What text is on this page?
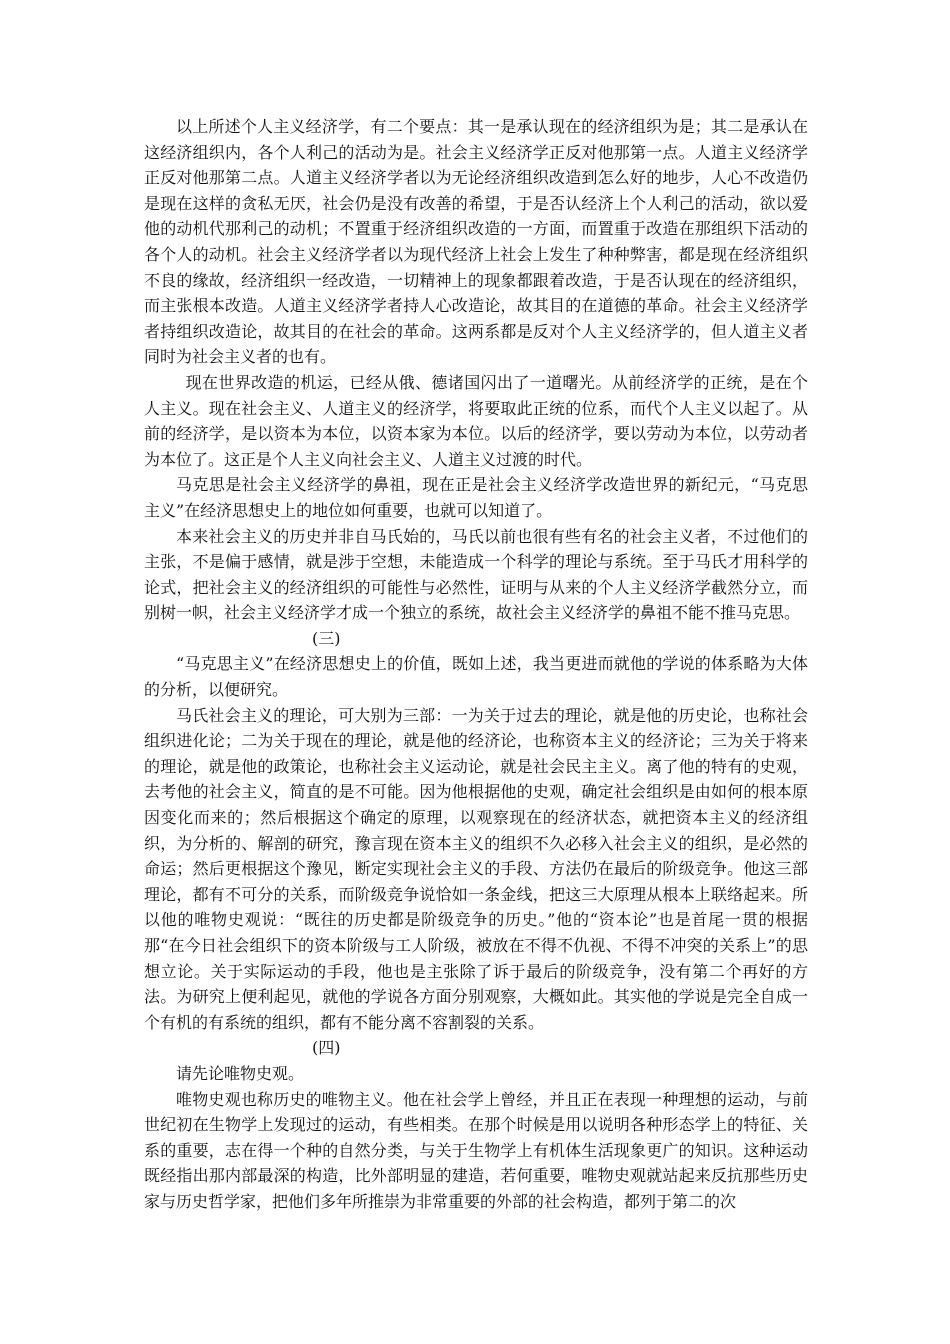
以上所述个人主义经济学，有二个要点：其一是承认现在的经济组织为是；其二是承认在这经济组织内，各个人利己的活动为是。社会主义经济学正反对他那第一点。人道主义经济学正反对他那第二点。人道主义经济学者以为无论经济组织改造到怎么好的地步，人心不改造仍是现在这样的贪私无厌，社会仍是没有改善的希望，于是否认经济上个人利己的活动，欲以爱他的动机代那利己的动机；不置重于经济组织改造的一方面，而置重于改造在那组织下活动的各个人的动机。社会主义经济学者以为现代经济上社会上发生了种种弊害，都是现在经济组织不良的缘故，经济组织一经改造，一切精神上的现象都跟着改造，于是否认现在的经济组织，而主张根本改造。人道主义经济学者持人心改造论，故其目的在道德的革命。社会主义经济学者持组织改造论，故其目的在社会的革命。这两系都是反对个人主义经济学的，但人道主义者同时为社会主义者的也有。

现在世界改造的机运，已经从俄、德诸国闪出了一道曙光。从前经济学的正统，是在个人主义。现在社会主义、人道主义的经济学，将要取此正统的位系，而代个人主义以起了。从前的经济学，是以资本为本位，以资本家为本位。以后的经济学，要以劳动为本位，以劳动者为本位了。这正是个人主义向社会主义、人道主义过渡的时代。

马克思是社会主义经济学的鼻祖，现在正是社会主义经济学改造世界的新纪元，“马克思主义”在经济思想史上的地位如何重要，也就可以知道了。

本来社会主义的历史并非自马氏始的，马氏以前也很有些有名的社会主义者，不过他们的主张，不是偏于感情，就是涉于空想，未能造成一个科学的理论与系统。至于马氏才用科学的论式，把社会主义的经济组织的可能性与必然性，证明与从来的个人主义经济学截然分立，而别树一帜，社会主义经济学才成一个独立的系统，故社会主义经济学的鼻祖不能不推马克思。

(三)

“马克思主义”在经济思想史上的价值，既如上述，我当更进而就他的学说的体系略为大体的分析，以便研究。

马氏社会主义的理论，可大别为三部：一为关于过去的理论，就是他的历史论，也称社会组织进化论；二为关于现在的理论，就是他的经济论，也称资本主义的经济论；三为关于将来的理论，就是他的政策论，也称社会主义运动论，就是社会民主主义。离了他的特有的史观，去考他的社会主义，简直的是不可能。因为他根据他的史观，确定社会组织是由如何的根本原因变化而来的；然后根据这个确定的原理，以观察现在的经济状态，就把资本主义的经济组织，为分析的、解剖的研究，豫言现在资本主义的组织不久必移入社会主义的组织，是必然的命运；然后更根据这个豫见，断定实现社会主义的手段、方法仍在最后的阶级竞争。他这三部理论，都有不可分的关系，而阶级竞争说恰如一条金线，把这三大原理从根本上联络起来。所以他的唯物史观说：“既往的历史都是阶级竞争的历史。”他的“资本论”也是首尾一贯的根据那“在今日社会组织下的资本阶级与工人阶级，被放在不得不仇视、不得不冲突的关系上”的思想立论。关于实际运动的手段，他也是主张除了诉于最后的阶级竞争，没有第二个再好的方法。为研究上便利起见，就他的学说各方面分别观察，大概如此。其实他的学说是完全自成一个有机的有系统的组织，都有不能分离不容割裂的关系。

(四)

请先论唯物史观。

唯物史观也称历史的唯物主义。他在社会学上曾经，并且正在表现一种理想的运动，与前世纪初在生物学上发现过的运动，有些相类。在那个时候是用以说明各种形态学上的特征、关系的重要，志在得一个种的自然分类，与关于生物学上有机体生活现象更广的知识。这种运动既经指出那内部最深的构造，比外部明显的建造，若何重要，唯物史观就站起来反抗那些历史家与历史哲学家，把他们多年所推崇为非常重要的外部的社会构造，都列于第二的次
